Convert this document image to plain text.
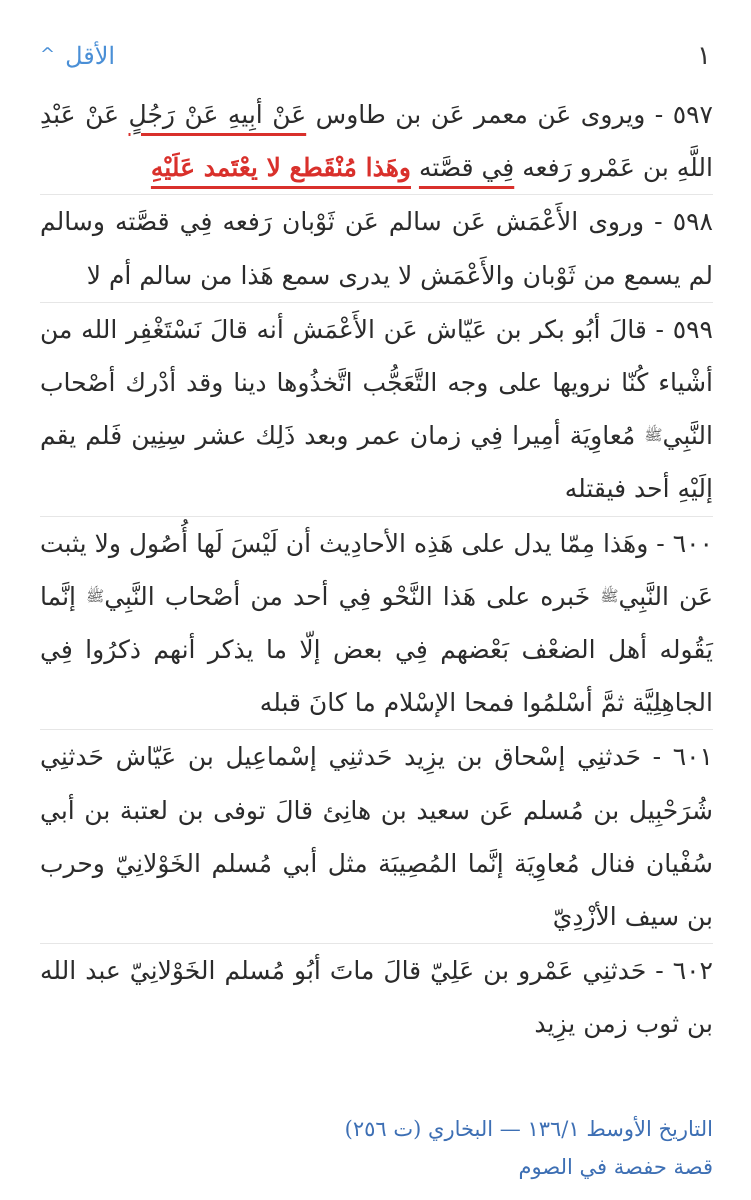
١
الأقل
^

٥٩٧ - ويروى عَن معمر عَن بن طاوس عَنْ أبِيهِ عَنْ رَجُلٍ عَنْ عَبْدِ اللَّهِ بن عَمْرو رَفعه فِي قصَّته وهَذا مُنْقَطع لا يعْتَمد عَلَيْهِ

٥٩٨ - وروى الأَعْمَش عَن سالم عَن ثَوْبان رَفعه فِي قصَّته وسالم لم يسمع من ثَوْبان والأَعْمَش لا يدرى سمع هَذا من سالم أم لا

٥٩٩ - قالَ أبُو بكر بن عَيّاش عَن الأَعْمَش أنه قالَ نَسْتَغْفِر الله من أشْياء كُنّا نرويها على وجه التَّعَجُّب اتَّخذُوها دينا وقد أدْرك أصْحاب النَّبِيﷺ مُعاوِيَة أمِيرا فِي زمان عمر وبعد ذَلِك عشر سِنِين فَلم يقم إلَيْهِ أحد فيقتله

٦٠٠ - وهَذا مِمّا يدل على هَذِه الأحادِيث أن لَيْسَ لَها أُصُول ولا يثبت عَن النَّبِيﷺ خَبره على هَذا النَّحْو فِي أحد من أصْحاب النَّبِيﷺ إنَّما يَقُوله أهل الضعْف بَعْضهم فِي بعض إلّا ما يذكر أنهم ذكرُوا فِي الجاهِلِيَّة ثمَّ أسْلمُوا فمحا الإسْلام ما كانَ قبله

٦٠١ - حَدثنِي إسْحاق بن يزِيد حَدثنِي إسْماعِيل بن عَيّاش حَدثنِي شُرَحْبِيل بن مُسلم عَن سعيد بن هانِئ قالَ توفى بن لعتبة بن أبي سُفْيان فنال مُعاوِيَة إنَّما المُصِيبَة مثل أبي مُسلم الخَوْلانِيّ وحرب بن سيف الأزْدِيّ

٦٠٢ - حَدثنِي عَمْرو بن عَلِيّ قالَ ماتَ أبُو مُسلم الخَوْلانِيّ عبد الله بن ثوب زمن يزِيد

التاريخ الأوسط ١٣٦/١ — البخاري (ت ٢٥٦)
قصة حفصة في الصوم
